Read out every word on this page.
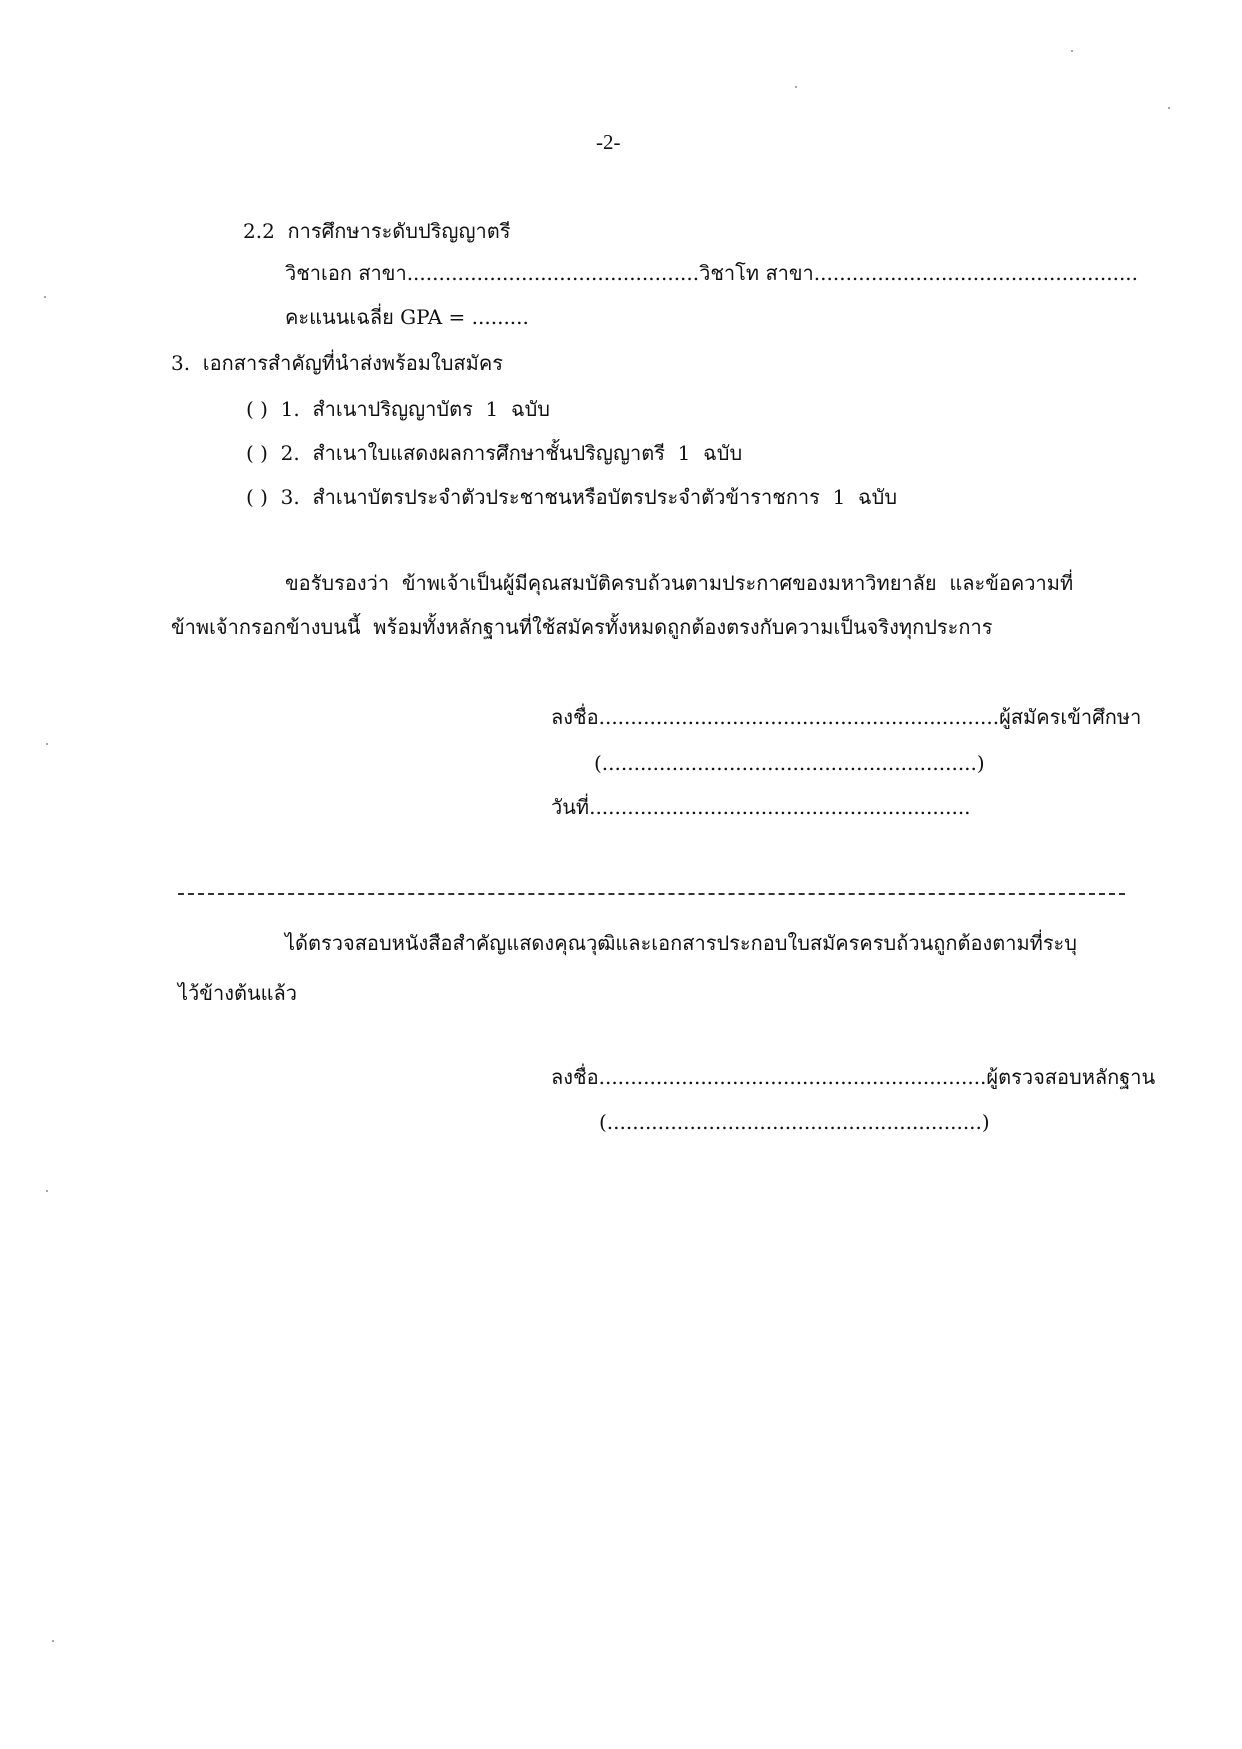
-2-
2.2  การศึกษาระดับปริญญาตรี
วิชาเอก สาขา..............................................วิชาโท สาขา...................................................
คะแนนเฉลี่ย GPA = .........
3.  เอกสารสำคัญที่นำส่งพร้อมใบสมัคร
( )  1.  สำเนาปริญญาบัตร  1  ฉบับ
( )  2.  สำเนาใบแสดงผลการศึกษาชั้นปริญญาตรี  1  ฉบับ
( )  3.  สำเนาบัตรประจำตัวประชาชนหรือบัตรประจำตัวข้าราชการ  1  ฉบับ
ขอรับรองว่า  ข้าพเจ้าเป็นผู้มีคุณสมบัติครบถ้วนตามประกาศของมหาวิทยาลัย  และข้อความที่
ข้าพเจ้ากรอกข้างบนนี้  พร้อมทั้งหลักฐานที่ใช้สมัครทั้งหมดถูกต้องตรงกับความเป็นจริงทุกประการ
ลงชื่อ...............................................................ผู้สมัครเข้าศึกษา
(...........................................................)
วันที่............................................................
ได้ตรวจสอบหนังสือสำคัญแสดงคุณวุฒิและเอกสารประกอบใบสมัครครบถ้วนถูกต้องตามที่ระบุ
ไว้ข้างต้นแล้ว
ลงชื่อ.............................................................ผู้ตรวจสอบหลักฐาน
(...........................................................)
